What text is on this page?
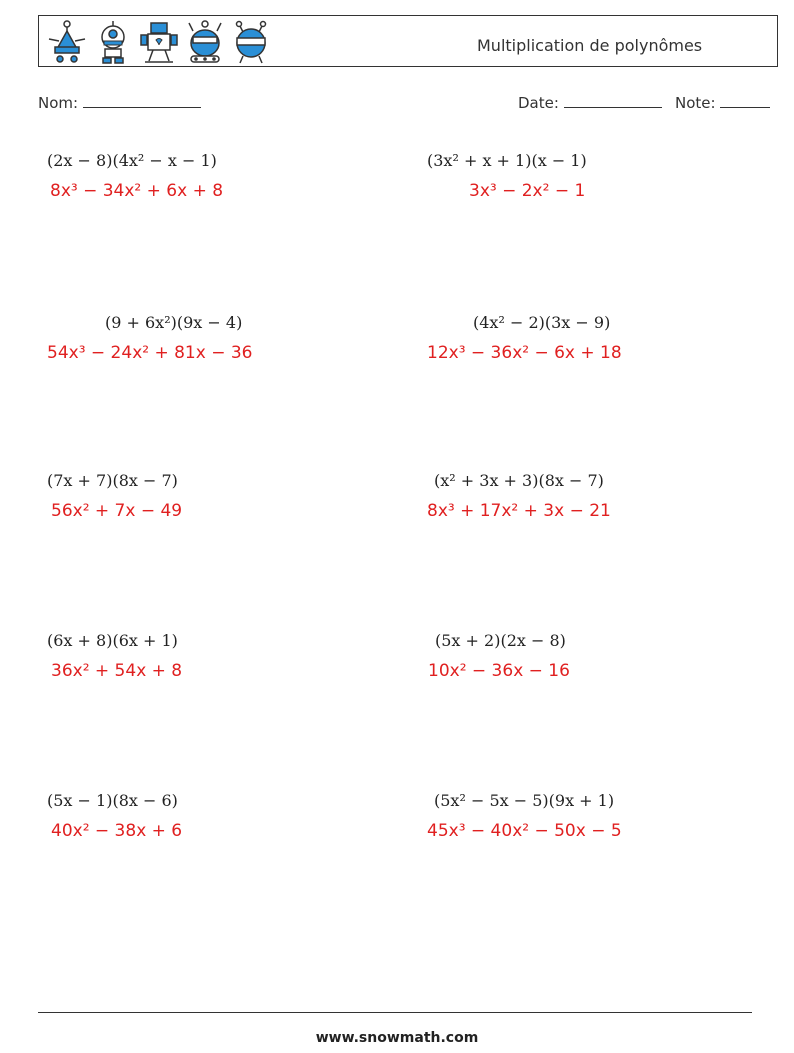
Multiplication de polynômes
Nom:	Date:	Note:
(2x − 8)(4x² − x − 1)
8x³ − 34x² + 6x + 8
(3x² + x + 1)(x − 1)
3x³ − 2x² − 1
(9 + 6x²)(9x − 4)
54x³ − 24x² + 81x − 36
(4x² − 2)(3x − 9)
12x³ − 36x² − 6x + 18
(7x + 7)(8x − 7)
56x² + 7x − 49
(x² + 3x + 3)(8x − 7)
8x³ + 17x² + 3x − 21
(6x + 8)(6x + 1)
36x² + 54x + 8
(5x + 2)(2x − 8)
10x² − 36x − 16
(5x − 1)(8x − 6)
40x² − 38x + 6
(5x² − 5x − 5)(9x + 1)
45x³ − 40x² − 50x − 5
www.snowmath.com
